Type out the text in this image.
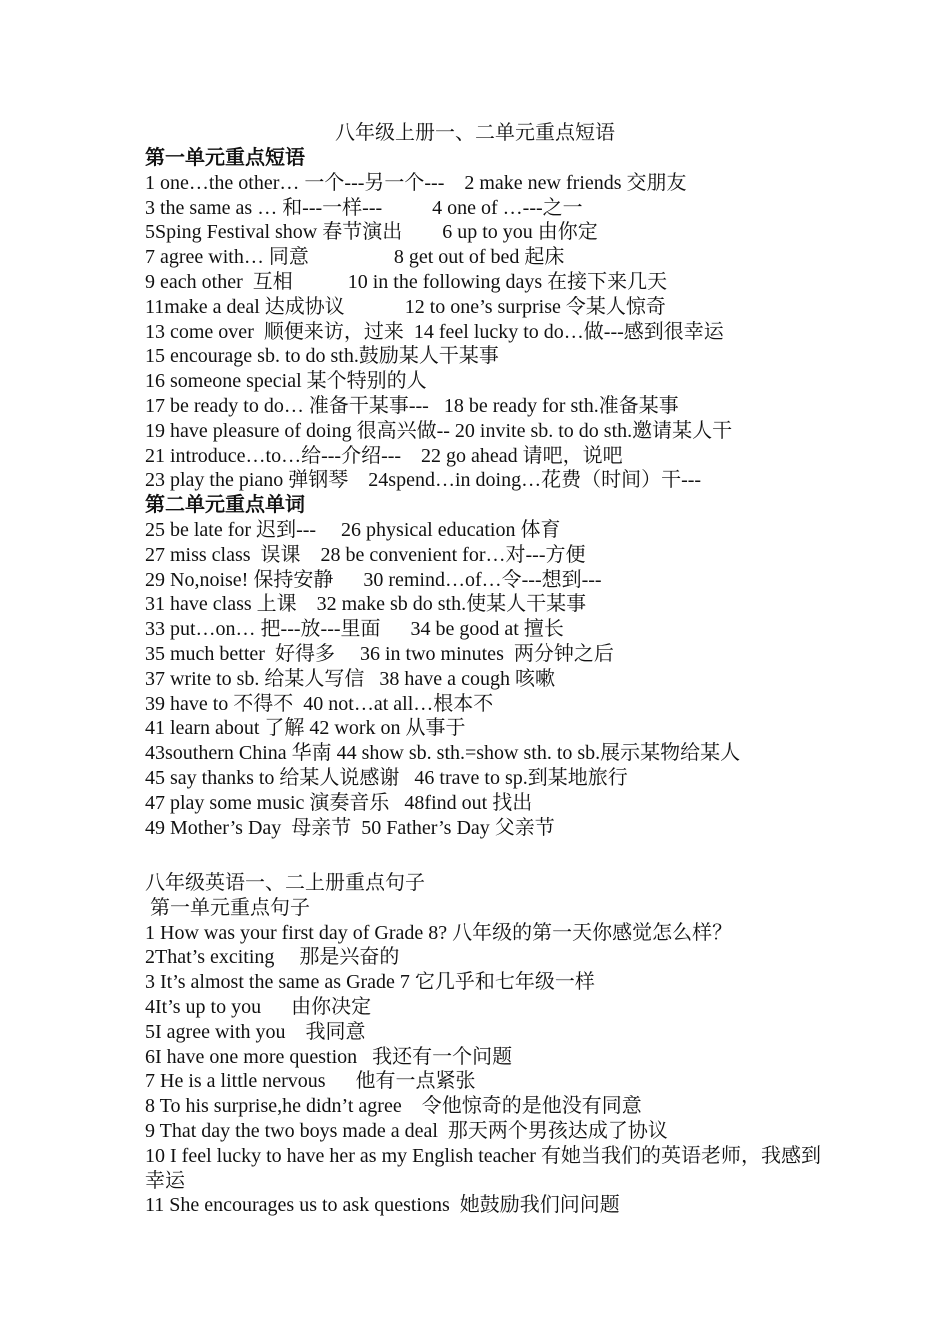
八年级上册一、二单元重点短语
第一单元重点短语
1 one…the other… 一个---另一个---    2 make new friends 交朋友
3 the same as … 和---一样---          4 one of …---之一
5Sping Festival show 春节演出        6 up to you 由你定
7 agree with… 同意                 8 get out of bed 起床
9 each other  互相           10 in the following days 在接下来几天
11make a deal 达成协议            12 to one’s surprise 令某人惊奇
13 come over  顺便来访，过来  14 feel lucky to do…做---感到很幸运
15 encourage sb. to do sth.鼓励某人干某事
16 someone special 某个特别的人
17 be ready to do… 准备干某事---   18 be ready for sth.准备某事
19 have pleasure of doing 很高兴做-- 20 invite sb. to do sth.邀请某人干
21 introduce…to…给---介绍---    22 go ahead 请吧，说吧
23 play the piano 弹钢琴    24spend…in doing…花费（时间）干---
第二单元重点单词
25 be late for 迟到---     26 physical education 体育
27 miss class  误课    28 be convenient for…对---方便
29 No,noise! 保持安静      30 remind…of…令---想到---
31 have class 上课    32 make sb do sth.使某人干某事
33 put…on… 把---放---里面      34 be good at 擅长
35 much better  好得多     36 in two minutes  两分钟之后
37 write to sb. 给某人写信   38 have a cough 咳嗽
39 have to 不得不  40 not…at all…根本不
41 learn about 了解 42 work on 从事于
43southern China 华南 44 show sb. sth.=show sth. to sb.展示某物给某人
45 say thanks to 给某人说感谢   46 trave to sp.到某地旅行
47 play some music 演奏音乐   48find out 找出
49 Mother’s Day  母亲节  50 Father’s Day 父亲节
八年级英语一、二上册重点句子
第一单元重点句子
1 How was your first day of Grade 8? 八年级的第一天你感觉怎么样？
2That’s exciting     那是兴奋的
3 It’s almost the same as Grade 7 它几乎和七年级一样
4It’s up to you      由你决定
5I agree with you    我同意
6I have one more question   我还有一个问题
7 He is a little nervous      他有一点紧张
8 To his surprise,he didn’t agree    令他惊奇的是他没有同意
9 That day the two boys made a deal  那天两个男孩达成了协议
10 I feel lucky to have her as my English teacher 有她当我们的英语老师，我感到幸运
11 She encourages us to ask questions  她鼓励我们问问题
